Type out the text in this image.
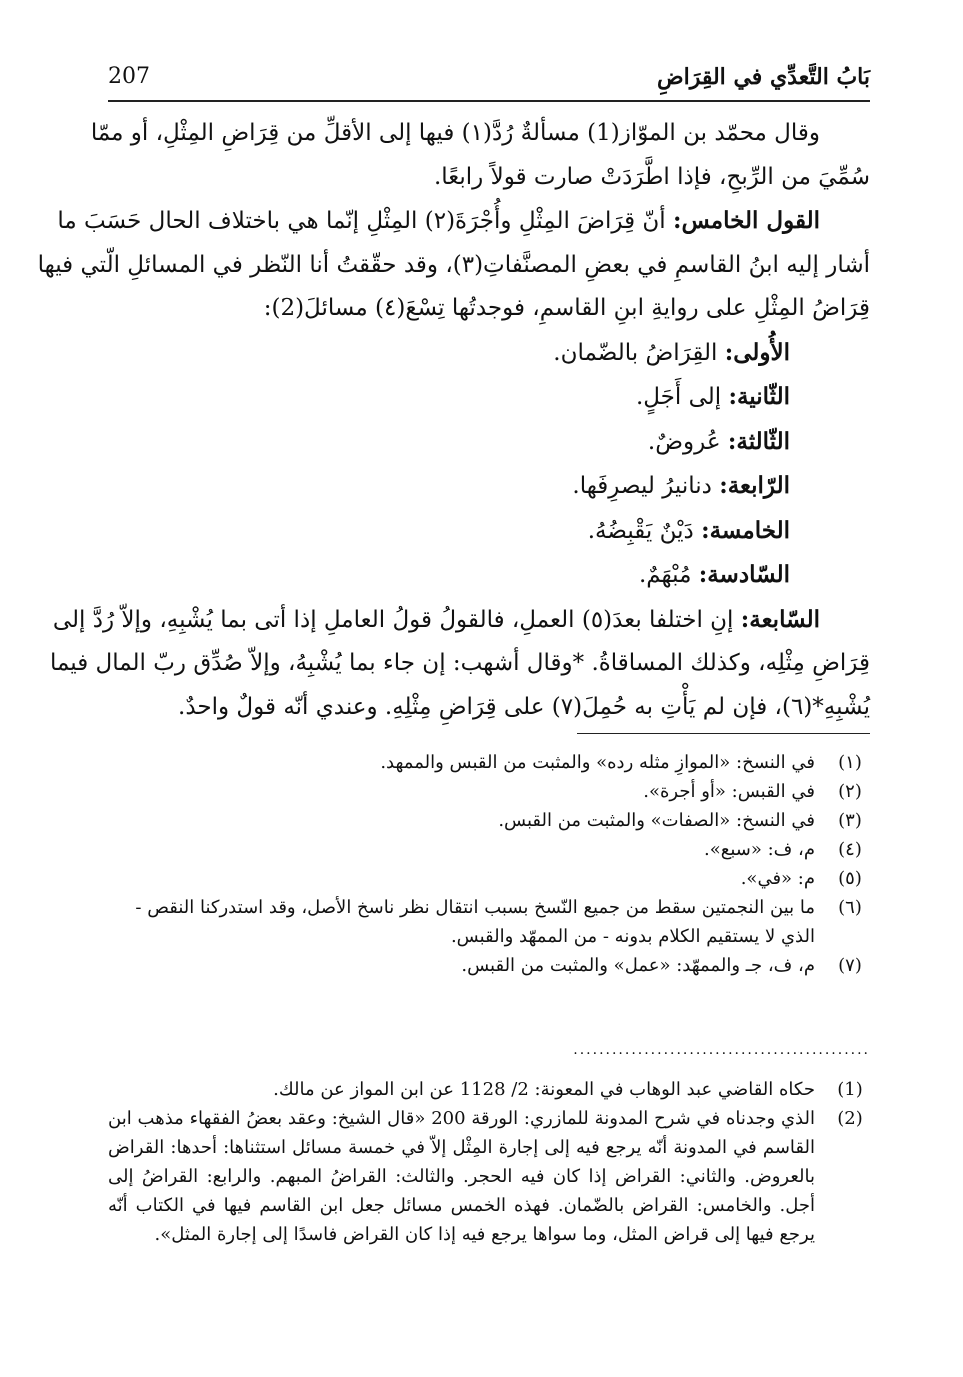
بَابُ التَّعدِّي في القِرَاضِ
207
وقال محمّد بن الموّاز(1) مسألةٌ رُدَّ(١) فيها إلى الأقلِّ من قِرَاضِ المِثْلِ، أو ممّا
سُمِّيَ من الرِّبحِ، فإذا اطَّرَدَتْ صارت قولاً رابعًا.
القول الخامس: أنّ قِرَاضَ المِثْلِ وأُجْرَةَ(٢) المِثْلِ إنّما هي باختلاف الحال حَسَبَ ما
أشار إليه ابنُ القاسمِ في بعضِ المصنَّفاتِ(٣)، وقد حقّقتُ أنا النّظر في المسائلِ الّتي فيها
قِرَاضُ المِثْلِ على روايةِ ابنِ القاسمِ، فوجدتُها تِسْعَ(٤) مسائلَ(2):
الأُولى: القِرَاضُ بالضّمان.
الثّانية: إلى أَجَلٍ.
الثّالثة: عُروضٌ.
الرّابعة: دنانيرُ ليصرِفَها.
الخامسة: دَيْنٌ يَقْبِضُهُ.
السّادسة: مُبْهَمٌ.
السّابعة: إنِ اختلفا بعدَ(٥) العملِ، فالقولُ قولُ العاملِ إذا أتى بما يُشْبِهِ، وإلاّ رُدَّ إلى
قِرَاضِ مِثْلِه، وكذلك المساقاةُ. *وقال أشهب: إن جاء بما يُشْبِهُ، وإلاّ صُدِّق ربّ المال فيما
يُشْبِهِ*(٦)، فإن لم يَأْتِ به حُمِلَ(٧) على قِرَاضِ مِثْلِهِ. وعندي أنّه قولٌ واحدٌ.
(١)
في النسخ: «الموازِ مثله رده» والمثبت من القبس والممهد.
(٢)
في القبس: «أو أجرة».
(٣)
في النسخ: «الصفات» والمثبت من القبس.
(٤)
م، ف: «سبع».
(٥)
م: «في».
(٦)
ما بين النجمتين سقط من جميع النّسخ بسبب انتقال نظر ناسخ الأصل، وقد استدركنا النقص - الذي لا يستقيم الكلام بدونه - من الممهّد والقبس.
(٧)
م، ف، جـ والممهّد: «عمل» والمثبت من القبس.
..............................................
(1)
حكاه القاضي عبد الوهاب في المعونة: 2/ 1128 عن ابن المواز عن مالك.
(2)
الذي وجدناه في شرح المدونة للمازري: الورقة 200 «قال الشيخ: وعقد بعضُ الفقهاء مذهب ابن القاسم في المدونة أنّه يرجع فيه إلى إجارة المِثْل إلاّ في خمسة مسائل استثناها: أحدها: القراض بالعروض. والثاني: القراض إذا كان فيه الحجر. والثالث: القراضُ المبهم. والرابع: القراضُ إلى أجل. والخامس: القراض بالضّمان. فهذه الخمس مسائل جعل ابن القاسم فيها في الكتاب أنّه يرجع فيها إلى قراض المثل، وما سواها يرجع فيه إذا كان القراض فاسدًا إلى إجارة المثل».
